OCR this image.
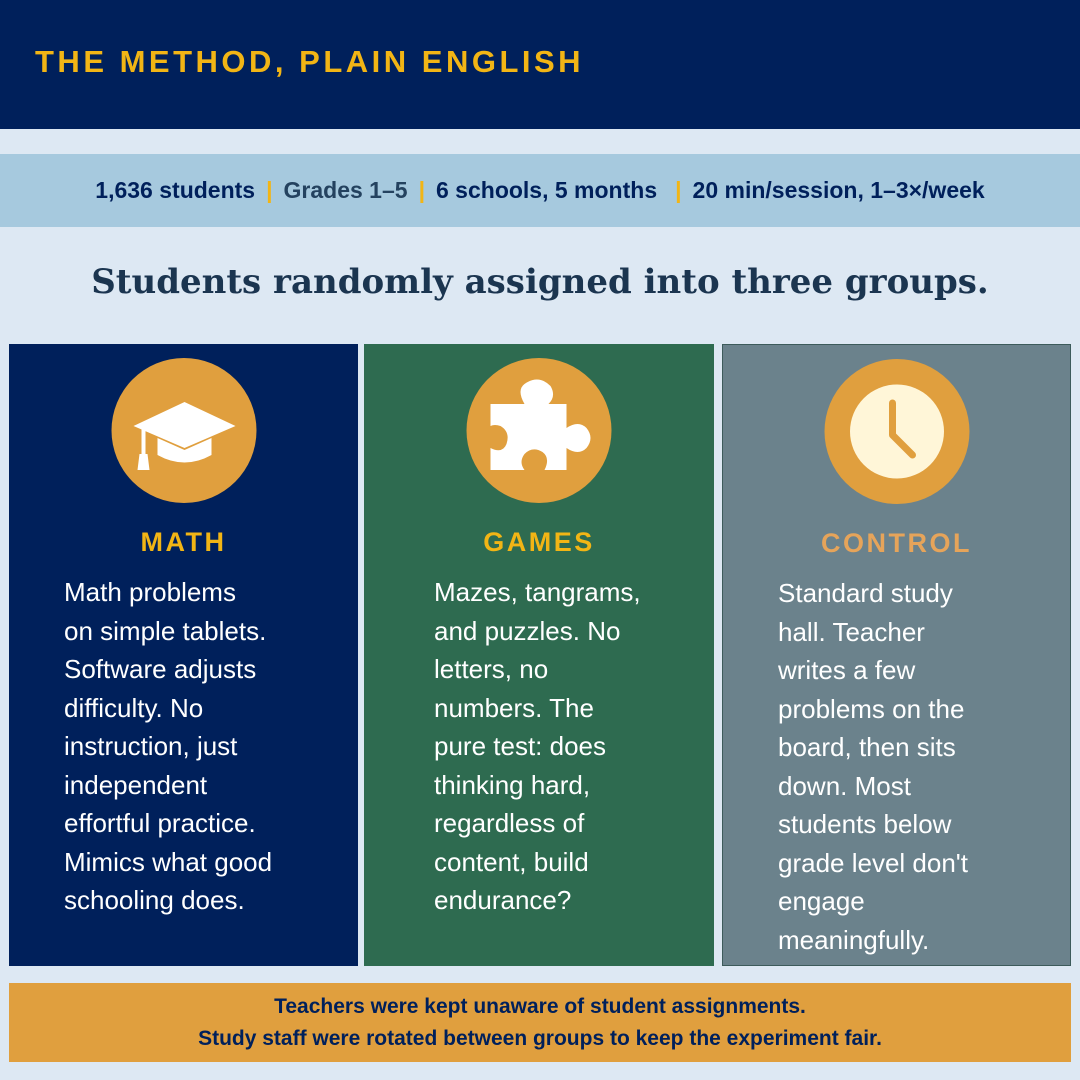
THE METHOD, PLAIN ENGLISH
1,636 students | Grades 1–5 | 6 schools, 5 months | 20 min/session, 1–3×/week
Students randomly assigned into three groups.
MATH
Math problems
on simple tablets.
Software adjusts
difficulty. No
instruction, just
independent
effortful practice.
Mimics what good
schooling does.
GAMES
Mazes, tangrams,
and puzzles. No
letters, no
numbers. The
pure test: does
thinking hard,
regardless of
content, build
endurance?
CONTROL
Standard study
hall. Teacher
writes a few
problems on the
board, then sits
down. Most
students below
grade level don't
engage
meaningfully.
Teachers were kept unaware of student assignments.
Study staff were rotated between groups to keep the experiment fair.
